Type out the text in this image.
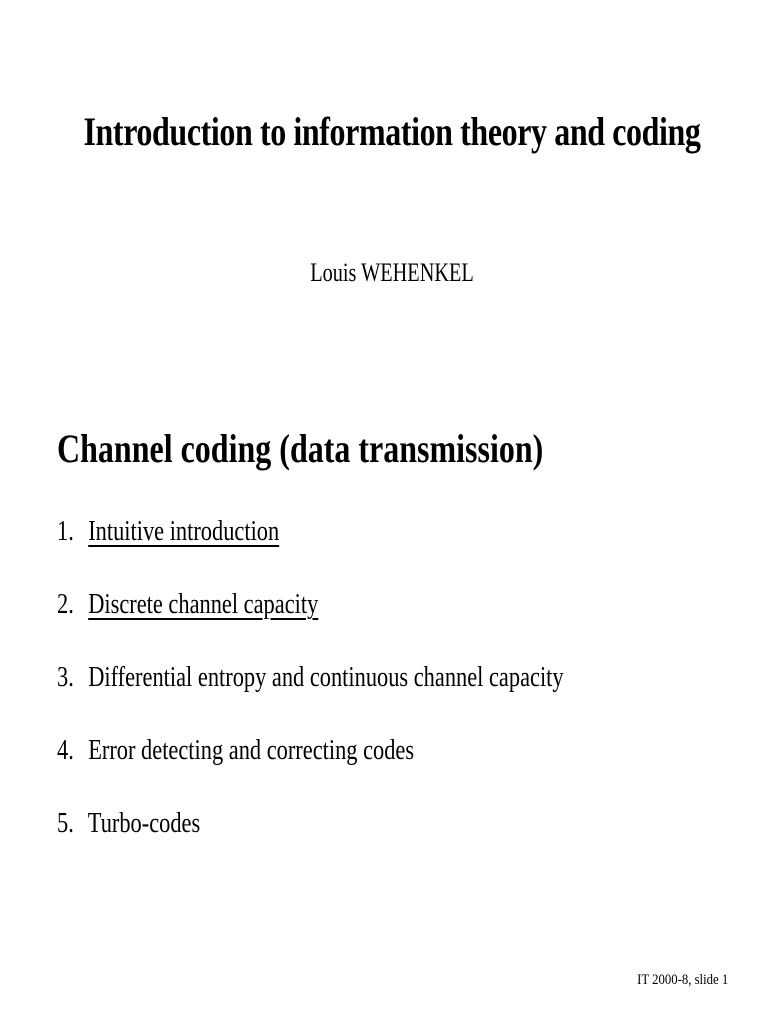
Introduction to information theory and coding
Louis WEHENKEL
Channel coding (data transmission)
1. Intuitive introduction
2. Discrete channel capacity
3. Differential entropy and continuous channel capacity
4. Error detecting and correcting codes
5. Turbo-codes
IT 2000-8, slide 1
